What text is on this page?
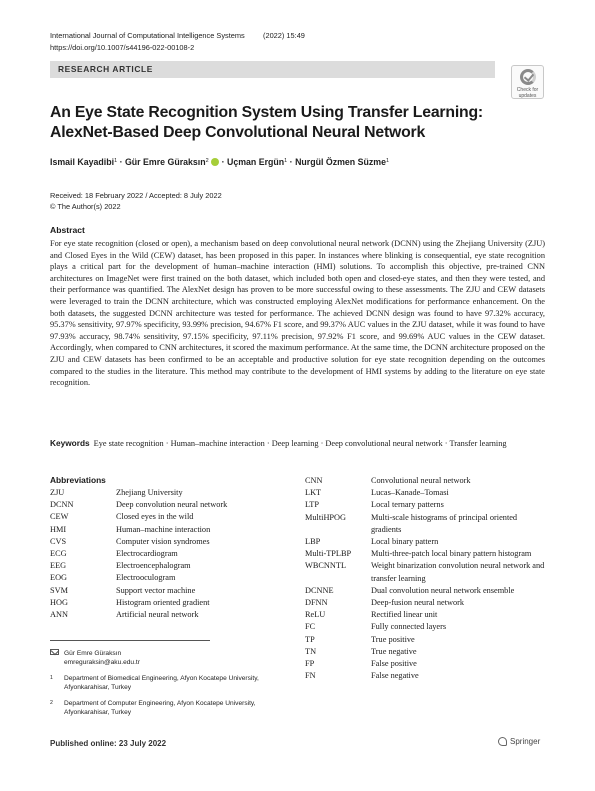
International Journal of Computational Intelligence Systems (2022) 15:49
https://doi.org/10.1007/s44196-022-00108-2
RESEARCH ARTICLE
Check for
updates
An Eye State Recognition System Using Transfer Learning:
AlexNet-Based Deep Convolutional Neural Network
Ismail Kayadibi$^1$ · Gür Emre Güraksın$^2$  · Uçman Ergün$^1$ · Nurgül Özmen Süzme$^1$
Received: 18 February 2022 / Accepted: 8 July 2022
© The Author(s) 2022
Abstract
For eye state recognition (closed or open), a mechanism based on deep convolutional neural network (DCNN) using the Zhejiang University (ZJU) and Closed Eyes in the Wild (CEW) dataset, has been proposed in this paper. In instances where blinking is consequential, eye state recognition plays a critical part for the development of human–machine interaction (HMI) solutions. To accomplish this objective, pre-trained CNN architectures on ImageNet were first trained on the both dataset, which included both open and closed-eye states, and then they were tested, and their performance was quantified. The AlexNet design has proven to be more successful owing to these assessments. The ZJU and CEW datasets were leveraged to train the DCNN architecture, which was constructed employing AlexNet modifications for performance enhancement. On the both datasets, the suggested DCNN architecture was tested for performance. The achieved DCNN design was found to have 97.32% accuracy, 95.37% sensitivity, 97.97% specificity, 93.99% precision, 94.67% F1 score, and 99.37% AUC values in the ZJU dataset, while it was found to have 97.93% accuracy, 98.74% sensitivity, 97.15% specificity, 97.11% precision, 97.92% F1 score, and 99.69% AUC values in the CEW dataset. Accordingly, when compared to CNN architectures, it scored the maximum performance. At the same time, the DCNN architecture proposed on the ZJU and CEW datasets has been confirmed to be an acceptable and productive solution for eye state recognition depending on the outcomes compared to the studies in the literature. This method may contribute to the development of HMI systems by adding to the literature on eye state recognition.
Keywords Eye state recognition · Human–machine interaction · Deep learning · Deep convolutional neural network · Transfer learning
Abbreviations
ZJU	Zhejiang University
DCNN	Deep convolution neural network
CEW	Closed eyes in the wild
HMI	Human–machine interaction
CVS	Computer vision syndromes
ECG	Electrocardiogram
EEG	Electroencephalogram
EOG	Electrooculogram
SVM	Support vector machine
HOG	Histogram oriented gradient
ANN	Artificial neural network
CNN	Convolutional neural network
LKT	Lucas–Kanade–Tomasi
LTP	Local ternary patterns
MultiHPOG	Multi-scale histograms of principal oriented gradients
LBP	Local binary pattern
Multi-TPLBP	Multi-three-patch local binary pattern histogram
WBCNNTL	Weight binarization convolution neural network and transfer learning
DCNNE	Dual convolution neural network ensemble
DFNN	Deep-fusion neural network
ReLU	Rectified linear unit
FC	Fully connected layers
TP	True positive
TN	True negative
FP	False positive
FN	False negative
Gür Emre Güraksın
emreguraksin@aku.edu.tr
1	Department of Biomedical Engineering, Afyon Kocatepe University, Afyonkarahisar, Turkey
2	Department of Computer Engineering, Afyon Kocatepe University, Afyonkarahisar, Turkey
Published online: 23 July 2022	Springer
